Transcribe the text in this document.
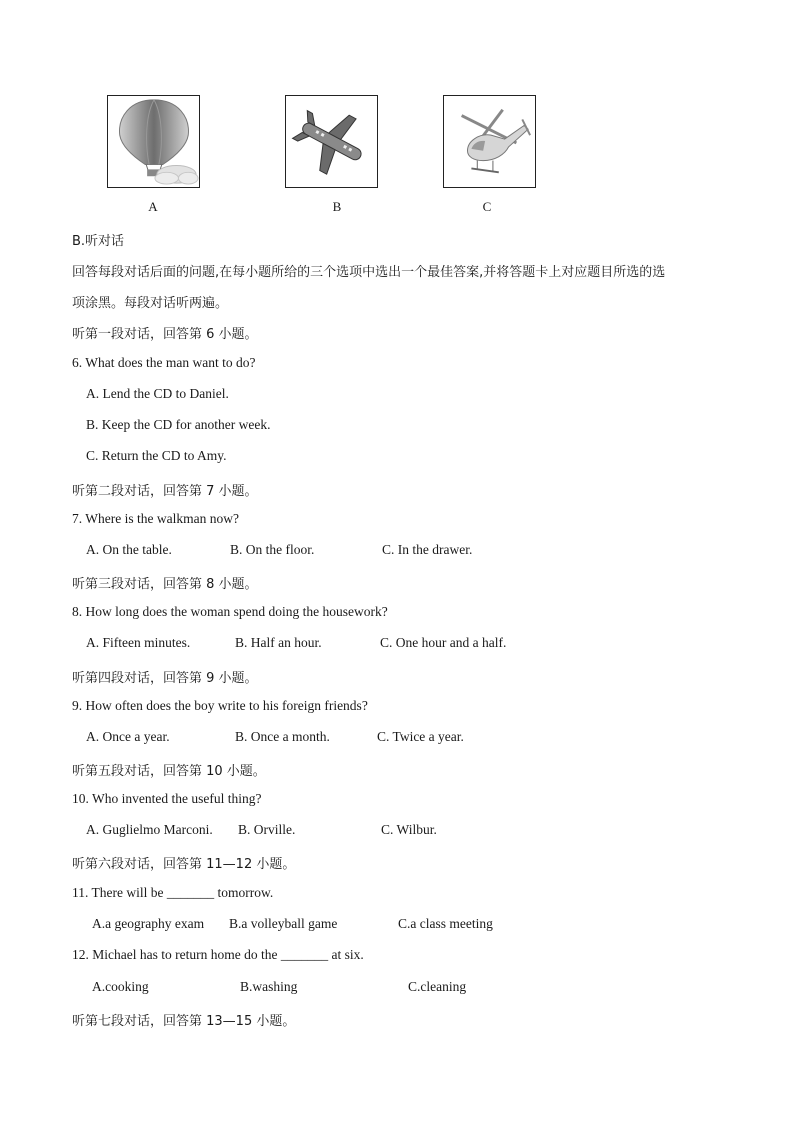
A	B	C
B.听对话
回答每段对话后面的问题,在每小题所给的三个选项中选出一个最佳答案,并将答题卡上对应题目所选的选
项涂黑。每段对话听两遍。
听第一段对话，回答第 6 小题。
6. What does the man want to do?
A. Lend the CD to Daniel.
B. Keep the CD for another week.
C. Return the CD to Amy.
听第二段对话，回答第 7 小题。
7. Where is the walkman now?
A. On the table.	B. On the floor.	C. In the drawer.
听第三段对话，回答第 8 小题。
8. How long does the woman spend doing the housework?
A. Fifteen minutes.	B. Half an hour.	C. One hour and a half.
听第四段对话，回答第 9 小题。
9. How often does the boy write to his foreign friends?
A. Once a year.	B. Once a month.	C. Twice a year.
听第五段对话，回答第 10 小题。
10. Who invented the useful thing?
A. Guglielmo Marconi. B. Orville.	C. Wilbur.
听第六段对话，回答第 11—12 小题。
11. There will be _______ tomorrow.
A.a geography exam B.a volleyball game	C.a class meeting
12. Michael has to return home do the _______ at six.
A.cooking	B.washing	C.cleaning
听第七段对话，回答第 13—15 小题。
